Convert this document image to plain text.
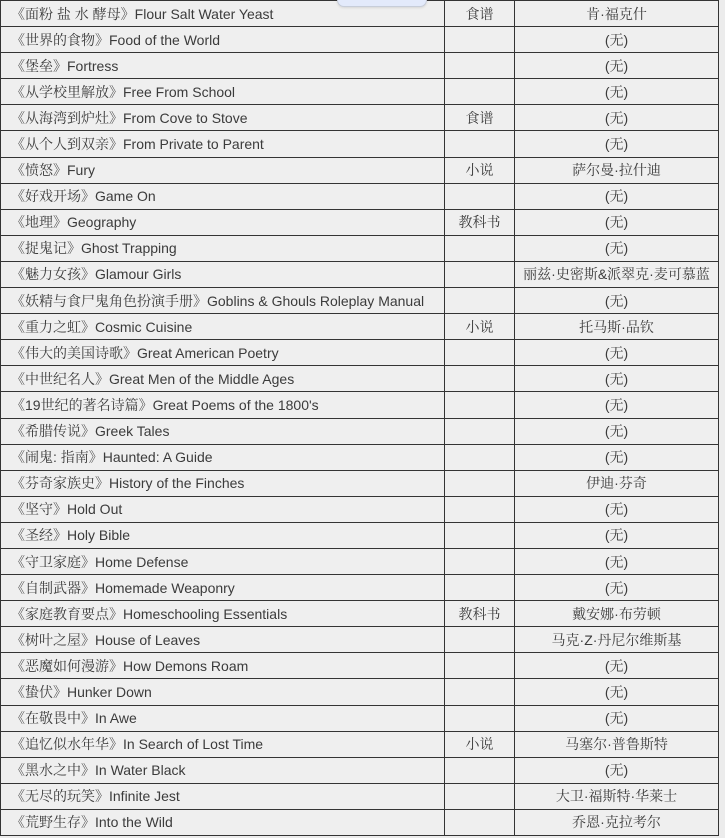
《面粉 盐 水 酵母》Flour Salt Water Yeast	食谱	肯·福克什
《世界的食物》Food of the World		(无)
《堡垒》Fortress		(无)
《从学校里解放》Free From School		(无)
《从海湾到炉灶》From Cove to Stove	食谱	(无)
《从个人到双亲》From Private to Parent		(无)
《愤怒》Fury	小说	萨尔曼·拉什迪
《好戏开场》Game On		(无)
《地理》Geography	教科书	(无)
《捉鬼记》Ghost Trapping		(无)
《魅力女孩》Glamour Girls		丽兹·史密斯&派翠克·麦可慕蓝
《妖精与食尸鬼角色扮演手册》Goblins & Ghouls Roleplay Manual		(无)
《重力之虹》Cosmic Cuisine	小说	托马斯·品钦
《伟大的美国诗歌》Great American Poetry		(无)
《中世纪名人》Great Men of the Middle Ages		(无)
《19世纪的著名诗篇》Great Poems of the 1800's		(无)
《希腊传说》Greek Tales		(无)
《闹鬼: 指南》Haunted: A Guide		(无)
《芬奇家族史》History of the Finches		伊迪·芬奇
《坚守》Hold Out		(无)
《圣经》Holy Bible		(无)
《守卫家庭》Home Defense		(无)
《自制武器》Homemade Weaponry		(无)
《家庭教育要点》Homeschooling Essentials	教科书	戴安娜·布劳顿
《树叶之屋》House of Leaves		马克·Z·丹尼尔维斯基
《恶魔如何漫游》How Demons Roam		(无)
《蛰伏》Hunker Down		(无)
《在敬畏中》In Awe		(无)
《追忆似水年华》In Search of Lost Time	小说	马塞尔·普鲁斯特
《黑水之中》In Water Black		(无)
《无尽的玩笑》Infinite Jest		大卫·福斯特·华莱士
《荒野生存》Into the Wild		乔恩·克拉考尔
